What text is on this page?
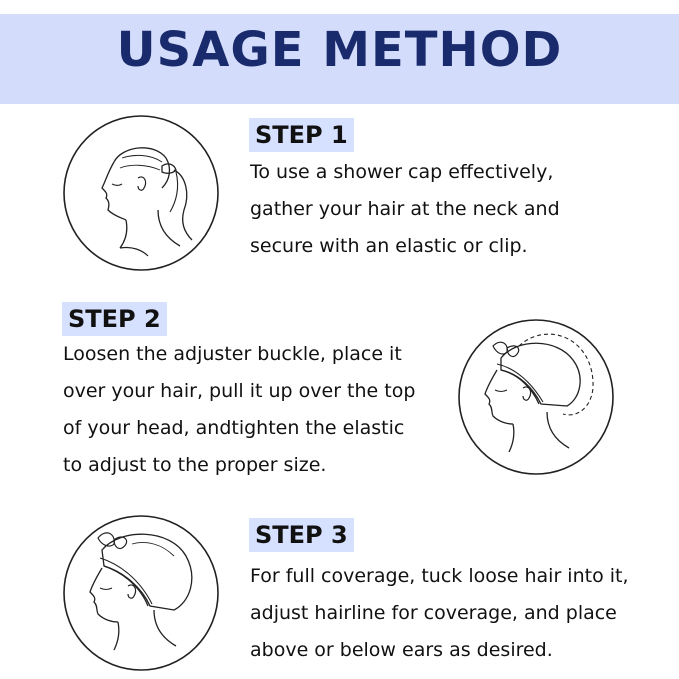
USAGE METHOD
STEP 1
To use a shower cap effectively,
gather your hair at the neck and
secure with an elastic or clip.
STEP 2
Loosen the adjuster buckle, place it
over your hair, pull it up over the top
of your head, andtighten the elastic
to adjust to the proper size.
STEP 3
For full coverage, tuck loose hair into it,
adjust hairline for coverage, and place
above or below ears as desired.
